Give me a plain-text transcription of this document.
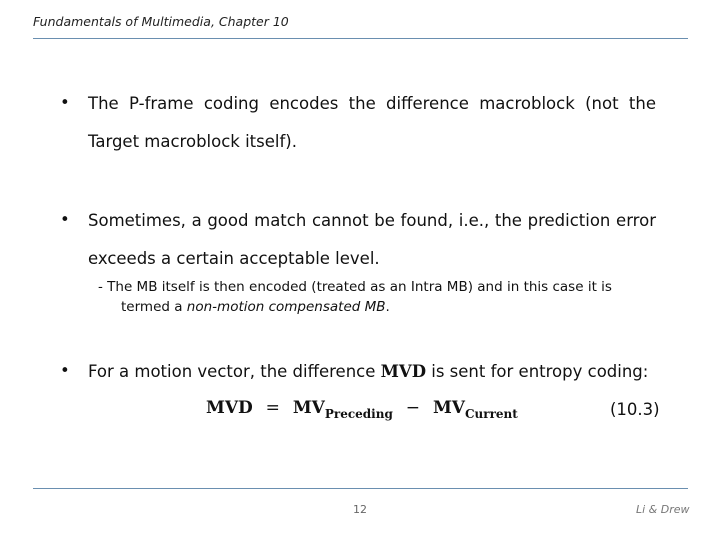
Fundamentals of Multimedia, Chapter 10
• The P-frame coding encodes the difference macroblock (not the Target macroblock itself).
• Sometimes, a good match cannot be found, i.e., the prediction error exceeds a certain acceptable level.
- The MB itself is then encoded (treated as an Intra MB) and in this case it is
termed a non-motion compensated MB.
• For a motion vector, the difference MVD is sent for entropy coding:
MVD = $MV_{Preceding} - MV_{Current}$	(10.3)
12	Li & Drew
